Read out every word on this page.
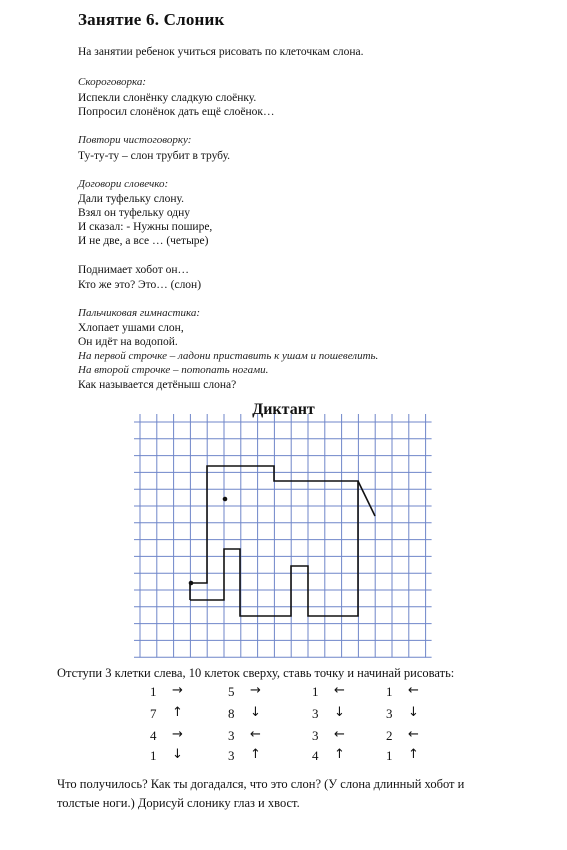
Занятие 6. Слоник
На занятии ребенок учиться рисовать по клеточкам слона.
Скороговорка:
Испекли слонёнку сладкую слоёнку.
Попросил слонёнок дать ещё слоёнок…
Повтори чистоговорку:
Ту-ту-ту – слон трубит в трубу.
Договори словечко:
Дали туфельку слону.
Взял он туфельку одну
И сказал: - Нужны пошире,
И не две, а все … (четыре)
Поднимает хобот он…
Кто же это? Это… (слон)
Пальчиковая гимнастика:
Хлопает ушами слон,
Он идёт на водопой.
На первой строчке – ладони приставить к ушам и пошевелить.
На второй строчке – потопать ногами.
Как называется детёныш слона?
Диктант
Отступи 3 клетки слева, 10 клеток сверху, ставь точку и начинай рисовать:
1 →	5 →	1 ←	1 ←
7 ↑	8 ↓	3 ↓	3 ↓
4 →	3 ←	3 ←	2 ←
1 ↓	3 ↑	4 ↑	1 ↑
Что получилось? Как ты догадался, что это слон? (У слона длинный хобот и
толстые ноги.) Дорисуй слонику глаз и хвост.
